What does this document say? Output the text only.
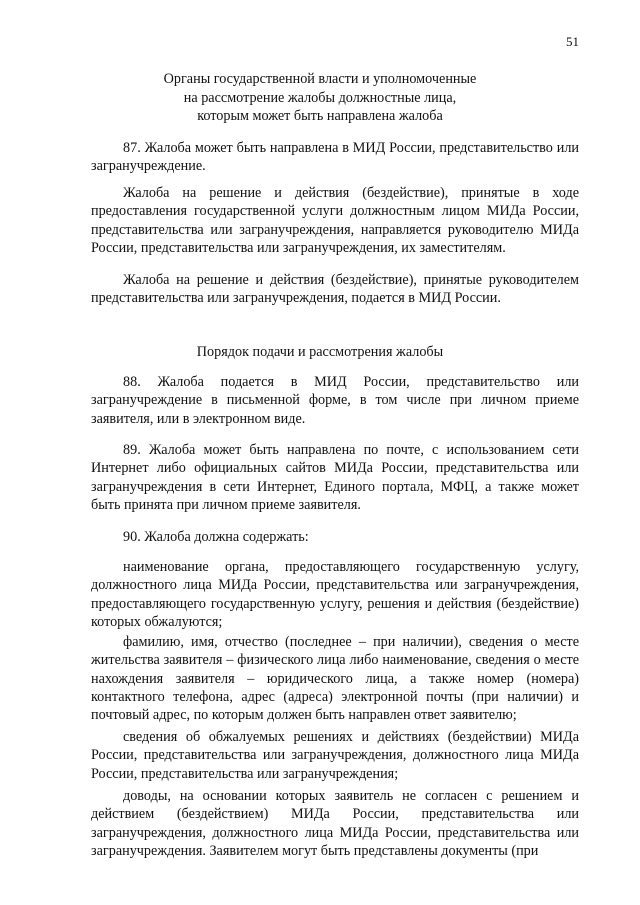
51
Органы государственной власти и уполномоченные
на рассмотрение жалобы должностные лица,
которым может быть направлена жалоба

87. Жалоба может быть направлена в МИД России, представительство или загранучреждение.

Жалоба на решение и действия (бездействие), принятые в ходе предоставления государственной услуги должностным лицом МИДа России, представительства или загранучреждения, направляется руководителю МИДа России, представительства или загранучреждения, их заместителям.

Жалоба на решение и действия (бездействие), принятые руководителем представительства или загранучреждения, подается в МИД России.

Порядок подачи и рассмотрения жалобы

88. Жалоба подается в МИД России, представительство или загранучреждение в письменной форме, в том числе при личном приеме заявителя, или в электронном виде.

89. Жалоба может быть направлена по почте, с использованием сети Интернет либо официальных сайтов МИДа России, представительства или загранучреждения в сети Интернет, Единого портала, МФЦ, а также может быть принята при личном приеме заявителя.

90. Жалоба должна содержать:

наименование органа, предоставляющего государственную услугу, должностного лица МИДа России, представительства или загранучреждения, предоставляющего государственную услугу, решения и действия (бездействие) которых обжалуются;

фамилию, имя, отчество (последнее – при наличии), сведения о месте жительства заявителя – физического лица либо наименование, сведения о месте нахождения заявителя – юридического лица, а также номер (номера) контактного телефона, адрес (адреса) электронной почты (при наличии) и почтовый адрес, по которым должен быть направлен ответ заявителю;

сведения об обжалуемых решениях и действиях (бездействии) МИДа России, представительства или загранучреждения, должностного лица МИДа России, представительства или загранучреждения;

доводы, на основании которых заявитель не согласен с решением и действием (бездействием) МИДа России, представительства или загранучреждения, должностного лица МИДа России, представительства или загранучреждения. Заявителем могут быть представлены документы (при
